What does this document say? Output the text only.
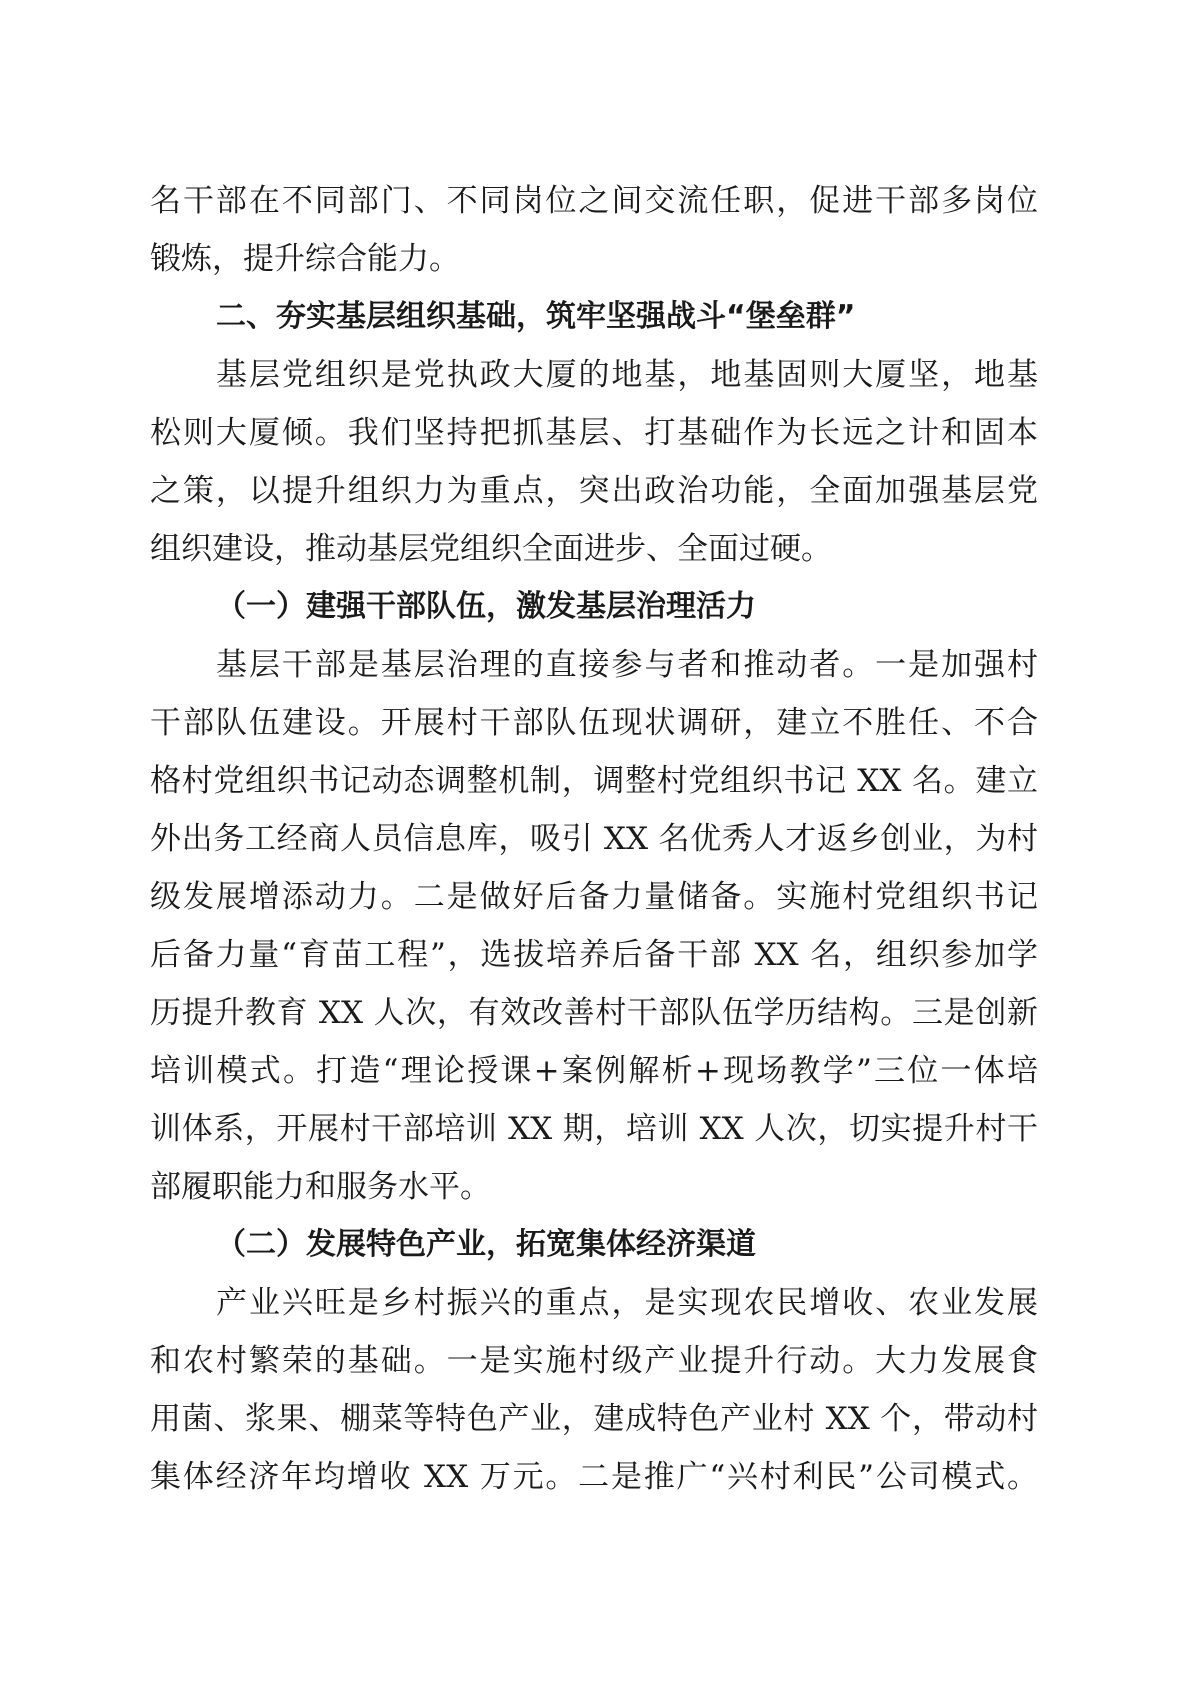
名干部在不同部门、不同岗位之间交流任职，促进干部多岗位
锻炼，提升综合能力。
二、夯实基层组织基础，筑牢坚强战斗“堡垒群”
基层党组织是党执政大厦的地基，地基固则大厦坚，地基
松则大厦倾。我们坚持把抓基层、打基础作为长远之计和固本
之策，以提升组织力为重点，突出政治功能，全面加强基层党
组织建设，推动基层党组织全面进步、全面过硬。
（一）建强干部队伍，激发基层治理活力
基层干部是基层治理的直接参与者和推动者。一是加强村
干部队伍建设。开展村干部队伍现状调研，建立不胜任、不合
格村党组织书记动态调整机制，调整村党组织书记 XX 名。建立
外出务工经商人员信息库，吸引 XX 名优秀人才返乡创业，为村
级发展增添动力。二是做好后备力量储备。实施村党组织书记
后备力量“育苗工程”，选拔培养后备干部 XX 名，组织参加学
历提升教育 XX 人次，有效改善村干部队伍学历结构。三是创新
培训模式。打造“理论授课+案例解析+现场教学”三位一体培
训体系，开展村干部培训 XX 期，培训 XX 人次，切实提升村干
部履职能力和服务水平。
（二）发展特色产业，拓宽集体经济渠道
产业兴旺是乡村振兴的重点，是实现农民增收、农业发展
和农村繁荣的基础。一是实施村级产业提升行动。大力发展食
用菌、浆果、棚菜等特色产业，建成特色产业村 XX 个，带动村
集体经济年均增收 XX 万元。二是推广“兴村利民”公司模式。
